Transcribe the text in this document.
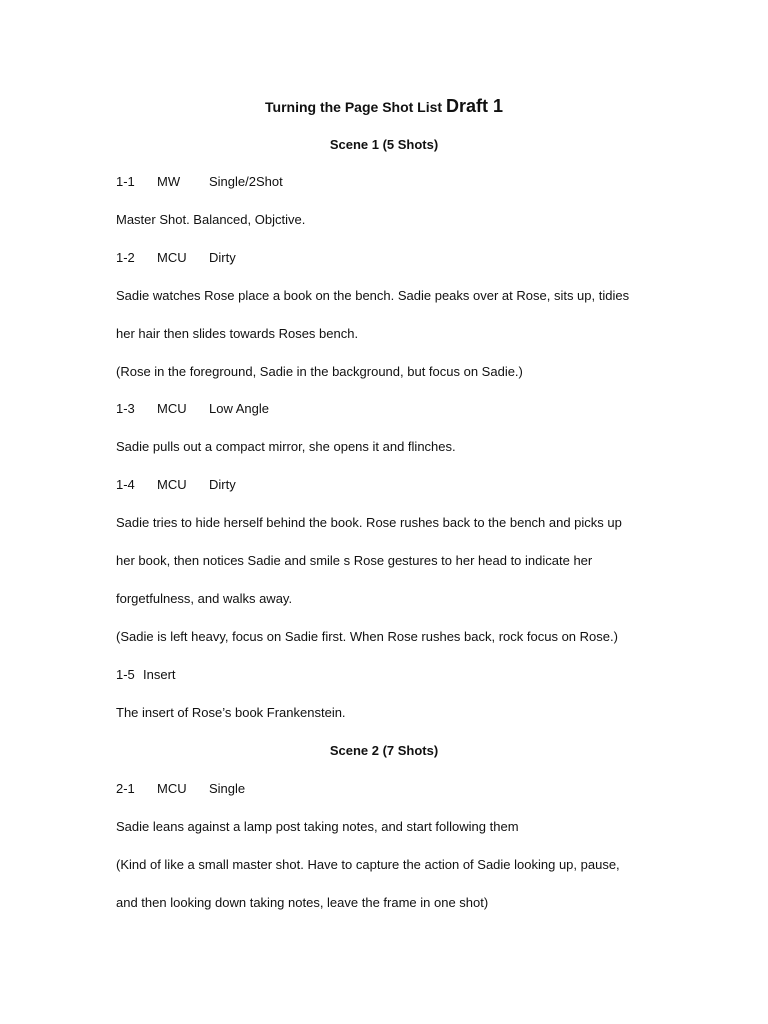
Turning the Page Shot List Draft 1
Scene 1 (5 Shots)
1-1 MW Single/2Shot
Master Shot. Balanced, Objctive.
1-2 MCU Dirty
Sadie watches Rose place a book on the bench. Sadie peaks over at Rose, sits up, tidies
her hair then slides towards Roses bench.
(Rose in the foreground, Sadie in the background, but focus on Sadie.)
1-3 MCU Low Angle
Sadie pulls out a compact mirror, she opens it and flinches.
1-4 MCU Dirty
Sadie tries to hide herself behind the book. Rose rushes back to the bench and picks up
her book, then notices Sadie and smile s Rose gestures to her head to indicate her
forgetfulness, and walks away.
(Sadie is left heavy, focus on Sadie first. When Rose rushes back, rock focus on Rose.)
1-5 Insert
The insert of Rose’s book Frankenstein.
Scene 2 (7 Shots)
2-1 MCU Single
Sadie leans against a lamp post taking notes, and start following them
(Kind of like a small master shot. Have to capture the action of Sadie looking up, pause,
and then looking down taking notes, leave the frame in one shot)
